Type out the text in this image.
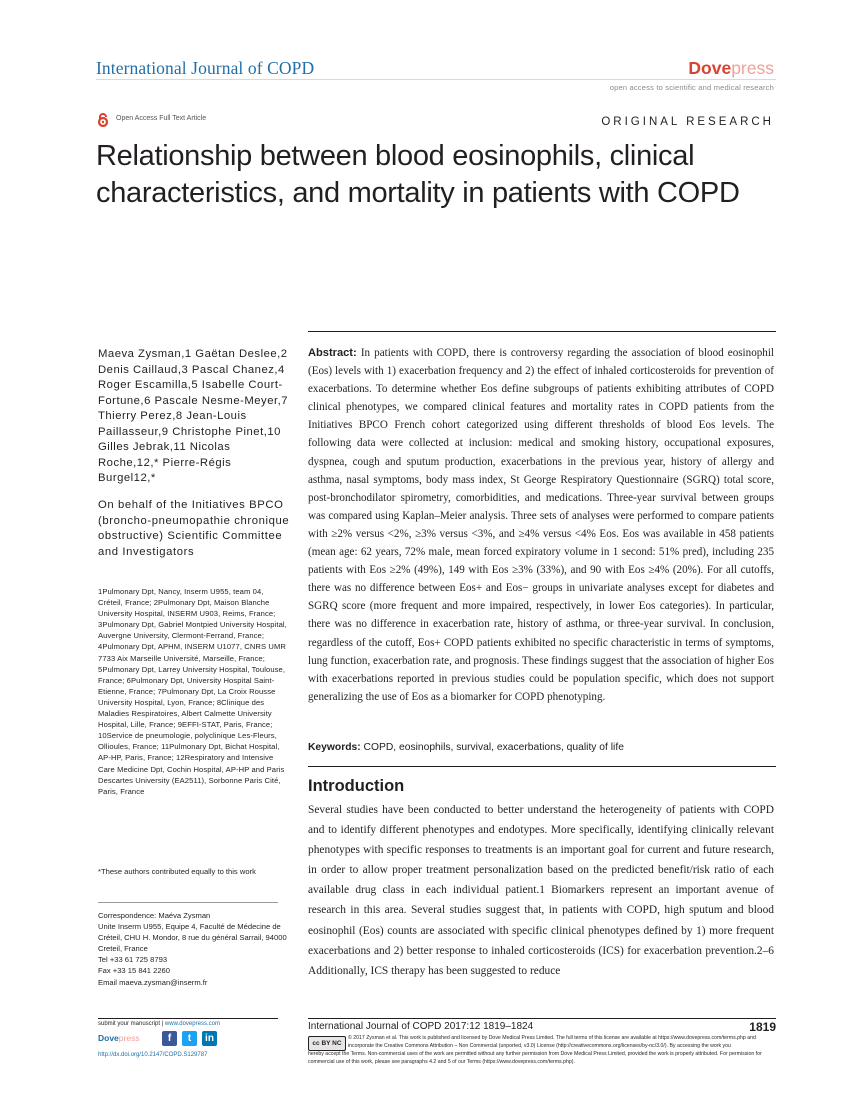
International Journal of COPD	Dovepress
open access to scientific and medical research
Open Access Full Text Article	ORIGINAL RESEARCH
Relationship between blood eosinophils, clinical characteristics, and mortality in patients with COPD
Maeva Zysman,1 Gaëtan Deslee,2 Denis Caillaud,3 Pascal Chanez,4 Roger Escamilla,5 Isabelle Court-Fortune,6 Pascale Nesme-Meyer,7 Thierry Perez,8 Jean-Louis Paillasseur,9 Christophe Pinet,10 Gilles Jebrak,11 Nicolas Roche,12,* Pierre-Régis Burgel12,*
On behalf of the Initiatives BPCO (broncho-pneumopathie chronique obstructive) Scientific Committee and Investigators
1Pulmonary Dpt, Nancy, Inserm U955, team 04, Créteil, France; 2Pulmonary Dpt, Maison Blanche University Hospital, INSERM U903, Reims, France; 3Pulmonary Dpt, Gabriel Montpied University Hospital, Auvergne University, Clermont-Ferrand, France; 4Pulmonary Dpt, APHM, INSERM U1077, CNRS UMR 7733 Aix Marseille Université, Marseille, France; 5Pulmonary Dpt, Larrey University Hospital, Toulouse, France; 6Pulmonary Dpt, University Hospital Saint-Etienne, France; 7Pulmonary Dpt, La Croix Rousse University Hospital, Lyon, France; 8Clinique des Maladies Respiratoires, Albert Calmette University Hospital, Lille, France; 9EFFI-STAT, Paris, France; 10Service de pneumologie, polyclinique Les-Fleurs, Ollioules, France; 11Pulmonary Dpt, Bichat Hospital, AP-HP, Paris, France; 12Respiratory and Intensive Care Medicine Dpt, Cochin Hospital, AP-HP and Paris Descartes University (EA2511), Sorbonne Paris Cité, Paris, France
*These authors contributed equally to this work
Correspondence: Maéva Zysman
Unite Inserm U955, Equipe 4, Faculté de Médecine de Créteil, CHU H. Mondor, 8 rue du général Sarrail, 94000 Creteil, France
Tel +33 61 725 8793
Fax +33 15 841 2260
Email maeva.zysman@inserm.fr

Abstract: In patients with COPD, there is controversy regarding the association of blood eosinophil (Eos) levels with 1) exacerbation frequency and 2) the effect of inhaled corticosteroids for prevention of exacerbations. To determine whether Eos define subgroups of patients exhibiting attributes of COPD clinical phenotypes, we compared clinical features and mortality rates in COPD patients from the Initiatives BPCO French cohort categorized using different thresholds of blood Eos levels. The following data were collected at inclusion: medical and smoking history, occupational exposures, dyspnea, cough and sputum production, exacerbations in the previous year, history of allergy and asthma, nasal symptoms, body mass index, St George Respiratory Questionnaire (SGRQ) total score, post-bronchodilator spirometry, comorbidities, and medications. Three-year survival between groups was compared using Kaplan–Meier analysis. Three sets of analyses were performed to compare patients with ≥2% versus <2%, ≥3% versus <3%, and ≥4% versus <4% Eos. Eos was available in 458 patients (mean age: 62 years, 72% male, mean forced expiratory volume in 1 second: 51% pred), including 235 patients with Eos ≥2% (49%), 149 with Eos ≥3% (33%), and 90 with Eos ≥4% (20%). For all cutoffs, there was no difference between Eos+ and Eos− groups in univariate analyses except for diabetes and SGRQ score (more frequent and more impaired, respectively, in lower Eos categories). In particular, there was no difference in exacerbation rate, history of asthma, or three-year survival. In conclusion, regardless of the cutoff, Eos+ COPD patients exhibited no specific characteristic in terms of symptoms, lung function, exacerbation rate, and prognosis. These findings suggest that the association of higher Eos with exacerbations reported in previous studies could be population specific, which does not support generalizing the use of Eos as a biomarker for COPD phenotyping.

Keywords: COPD, eosinophils, survival, exacerbations, quality of life

Introduction

Several studies have been conducted to better understand the heterogeneity of patients with COPD and to identify different phenotypes and endotypes. More specifically, identifying clinically relevant phenotypes with specific responses to treatments is an important goal for current and future research, in order to allow proper treatment personalization based on the predicted benefit/risk ratio of each available drug class in each individual patient.1 Biomarkers represent an important avenue of research in this area. Several studies suggest that, in patients with COPD, high sputum and blood eosinophil (Eos) counts are associated with specific clinical phenotypes defined by 1) more frequent exacerbations and 2) better response to inhaled corticosteroids (ICS) for exacerbation prevention.2–6 Additionally, ICS therapy has been suggested to reduce

submit your manuscript | www.dovepress.com
Dovepress	f	t	in
http://dx.doi.org/10.2147/COPD.S129787
International Journal of COPD 2017:12 1819–1824	1819
cc BY NC
© 2017 Zysman et al. This work is published and licensed by Dove Medical Press Limited. The full terms of this license are available at https://www.dovepress.com/terms.php and incorporate the Creative Commons Attribution – Non Commercial (unported, v3.0) License (http://creativecommons.org/licenses/by-nc/3.0/). By accessing the work you
hereby accept the Terms. Non-commercial uses of the work are permitted without any further permission from Dove Medical Press Limited, provided the work is properly attributed. For permission for commercial use of this work, please see paragraphs 4.2 and 5 of our Terms (https://www.dovepress.com/terms.php).
